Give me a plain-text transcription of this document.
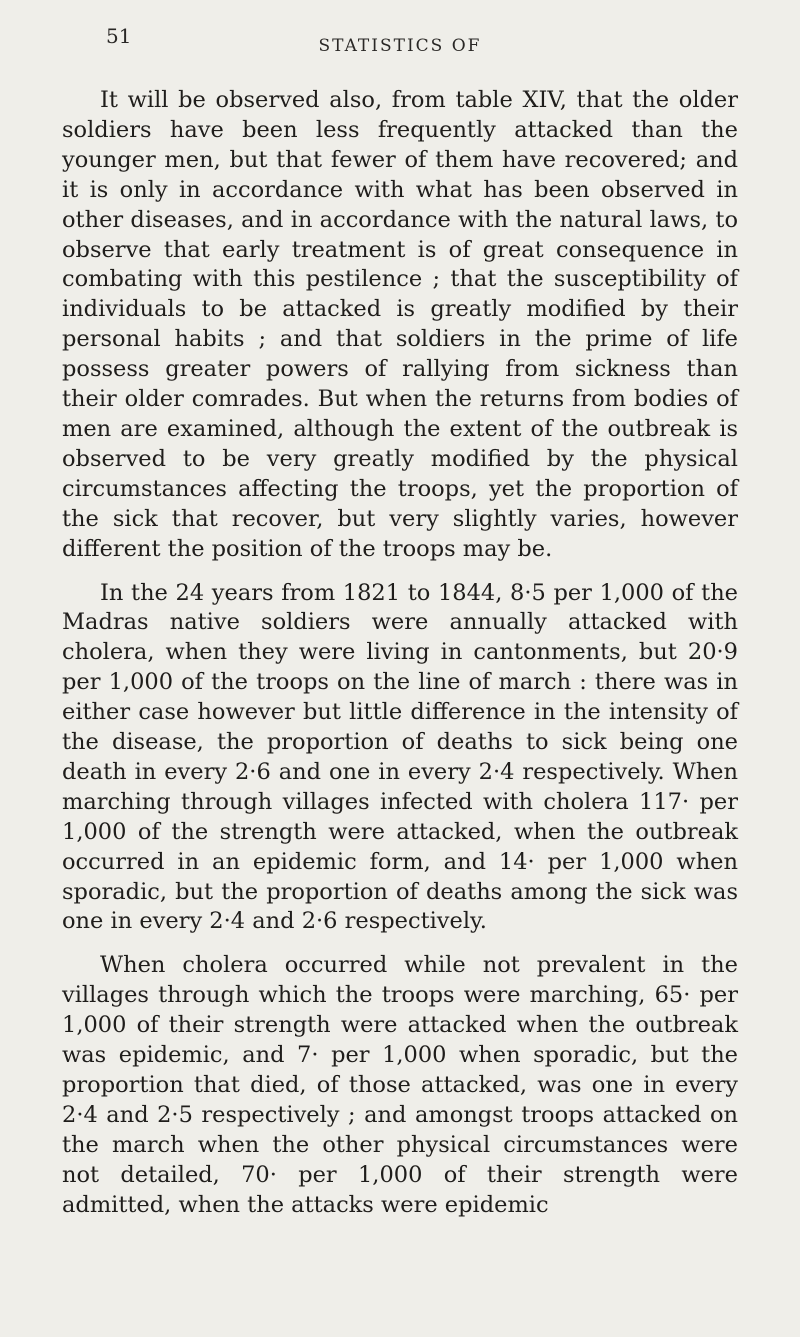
51	STATISTICS OF

It will be observed also, from table XIV, that the older soldiers have been less frequently attacked than the younger men, but that fewer of them have recovered; and it is only in accordance with what has been observed in other diseases, and in accordance with the natural laws, to observe that early treatment is of great consequence in combating with this pestilence ; that the susceptibility of individuals to be attacked is greatly modified by their personal habits ; and that soldiers in the prime of life possess greater powers of rallying from sickness than their older comrades. But when the returns from bodies of men are examined, although the extent of the outbreak is observed to be very greatly modified by the physical circumstances affecting the troops, yet the proportion of the sick that recover, but very slightly varies, however different the position of the troops may be.

In the 24 years from 1821 to 1844, 8·5 per 1,000 of the Madras native soldiers were annually attacked with cholera, when they were living in cantonments, but 20·9 per 1,000 of the troops on the line of march : there was in either case however but little difference in the intensity of the disease, the proportion of deaths to sick being one death in every 2·6 and one in every 2·4 respectively. When marching through villages infected with cholera 117· per 1,000 of the strength were attacked, when the outbreak occurred in an epidemic form, and 14· per 1,000 when sporadic, but the proportion of deaths among the sick was one in every 2·4 and 2·6 respectively.

When cholera occurred while not prevalent in the villages through which the troops were marching, 65· per 1,000 of their strength were attacked when the outbreak was epidemic, and 7· per 1,000 when sporadic, but the proportion that died, of those attacked, was one in every 2·4 and 2·5 respectively ; and amongst troops attacked on the march when the other physical circumstances were not detailed, 70· per 1,000 of their strength were admitted, when the attacks were epidemic
